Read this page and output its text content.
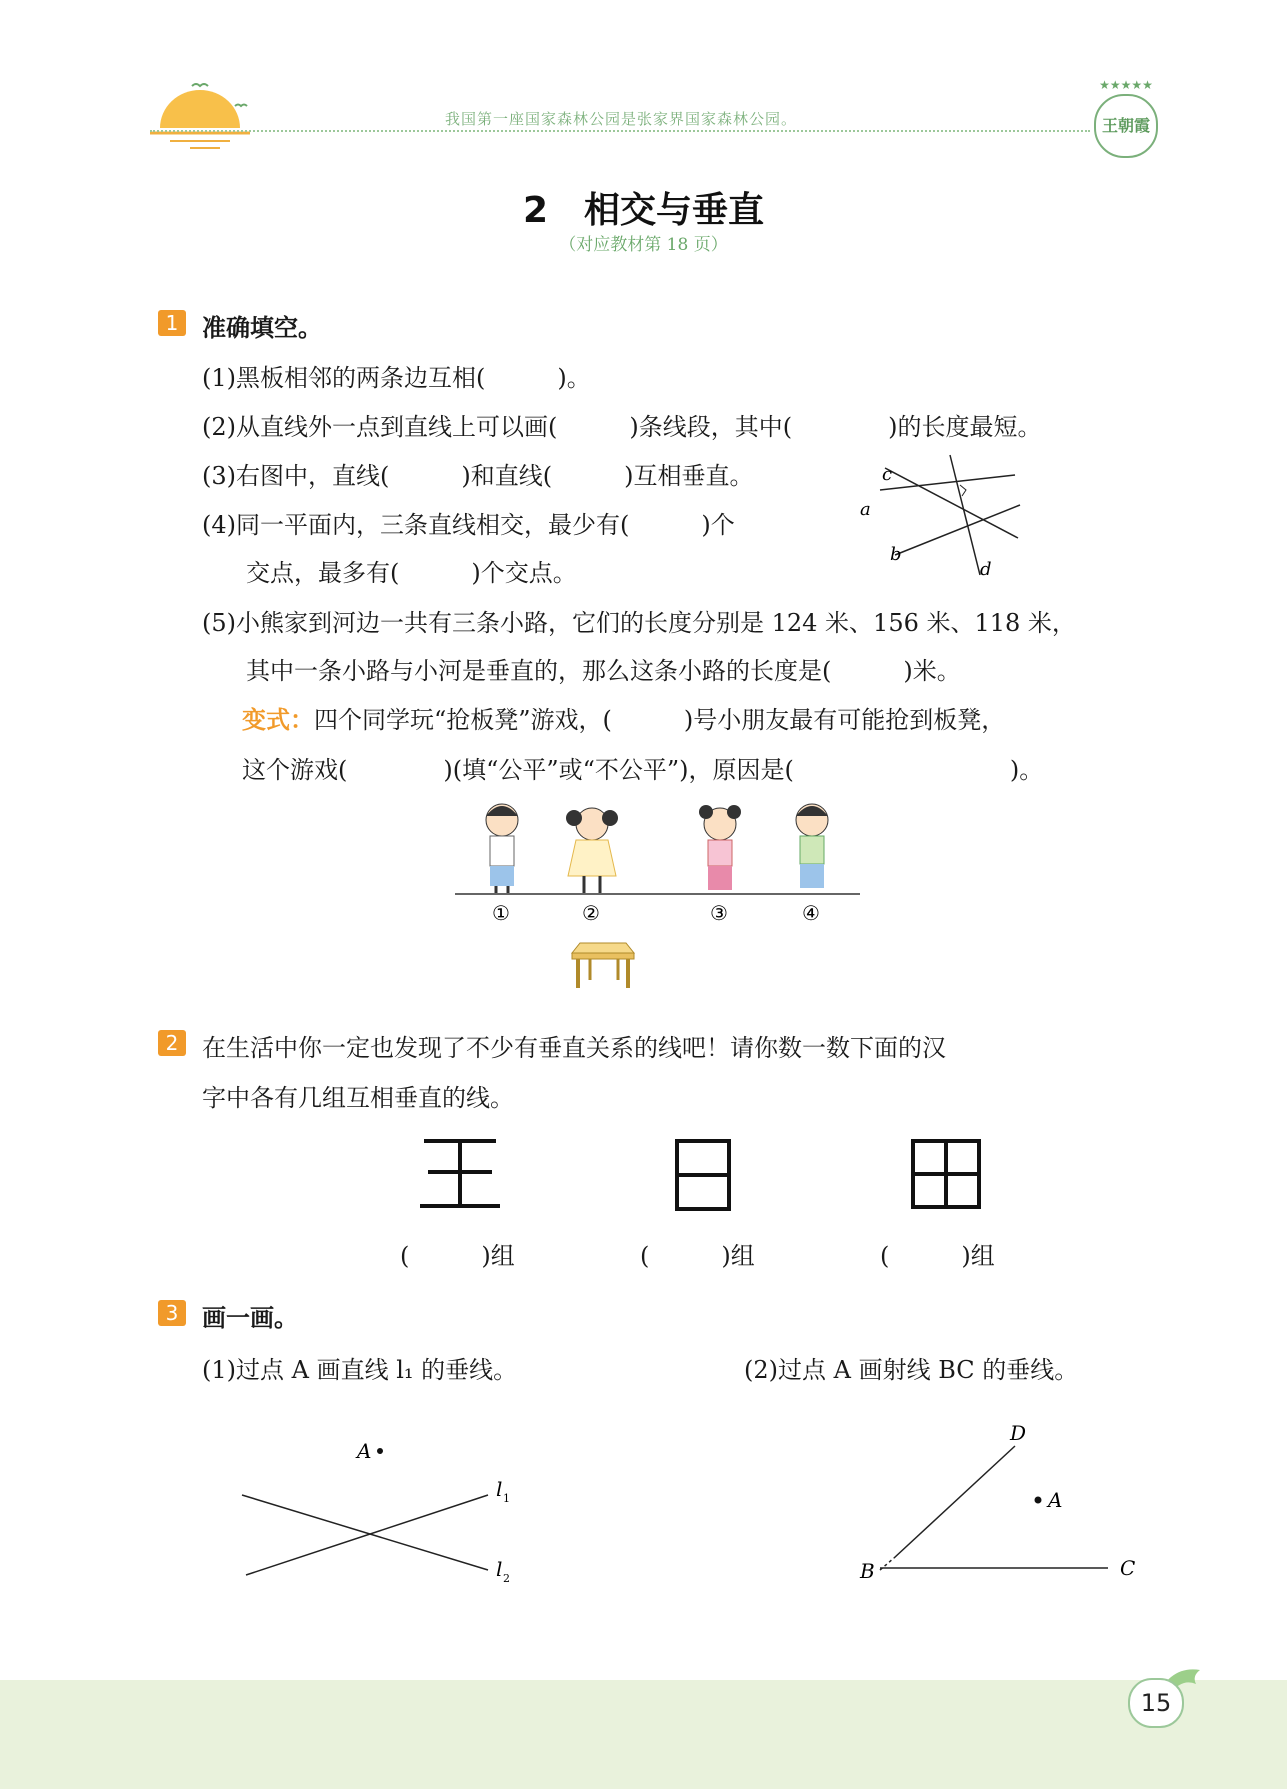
我国第一座国家森林公园是张家界国家森林公园。
★★★★★
王朝霞
2　相交与垂直
（对应教材第 18 页）
1 准确填空。
(1)黑板相邻的两条边互相(　　　)。
(2)从直线外一点到直线上可以画(　　　)条线段，其中(　　　　)的长度最短。
(3)右图中，直线(　　　)和直线(　　　)互相垂直。
(4)同一平面内，三条直线相交，最少有(　　　)个
交点，最多有(　　　)个交点。
(5)小熊家到河边一共有三条小路，它们的长度分别是 124 米、156 米、118 米，
其中一条小路与小河是垂直的，那么这条小路的长度是(　　　)米。
变式：四个同学玩“抢板凳”游戏，(　　　)号小朋友最有可能抢到板凳，
这个游戏(　　　　)(填“公平”或“不公平”)，原因是(　　　　　　　　　)。
c
a
b
d
①	②	③	④
2 在生活中你一定也发现了不少有垂直关系的线吧！请你数一数下面的汉
字中各有几组互相垂直的线。
(　　　)组	(　　　)组	(　　　)组
3 画一画。
(1)过点 A 画直线 l₁ 的垂线。	(2)过点 A 画射线 BC 的垂线。
A
l 1
l 2
D
A
B	C
15
